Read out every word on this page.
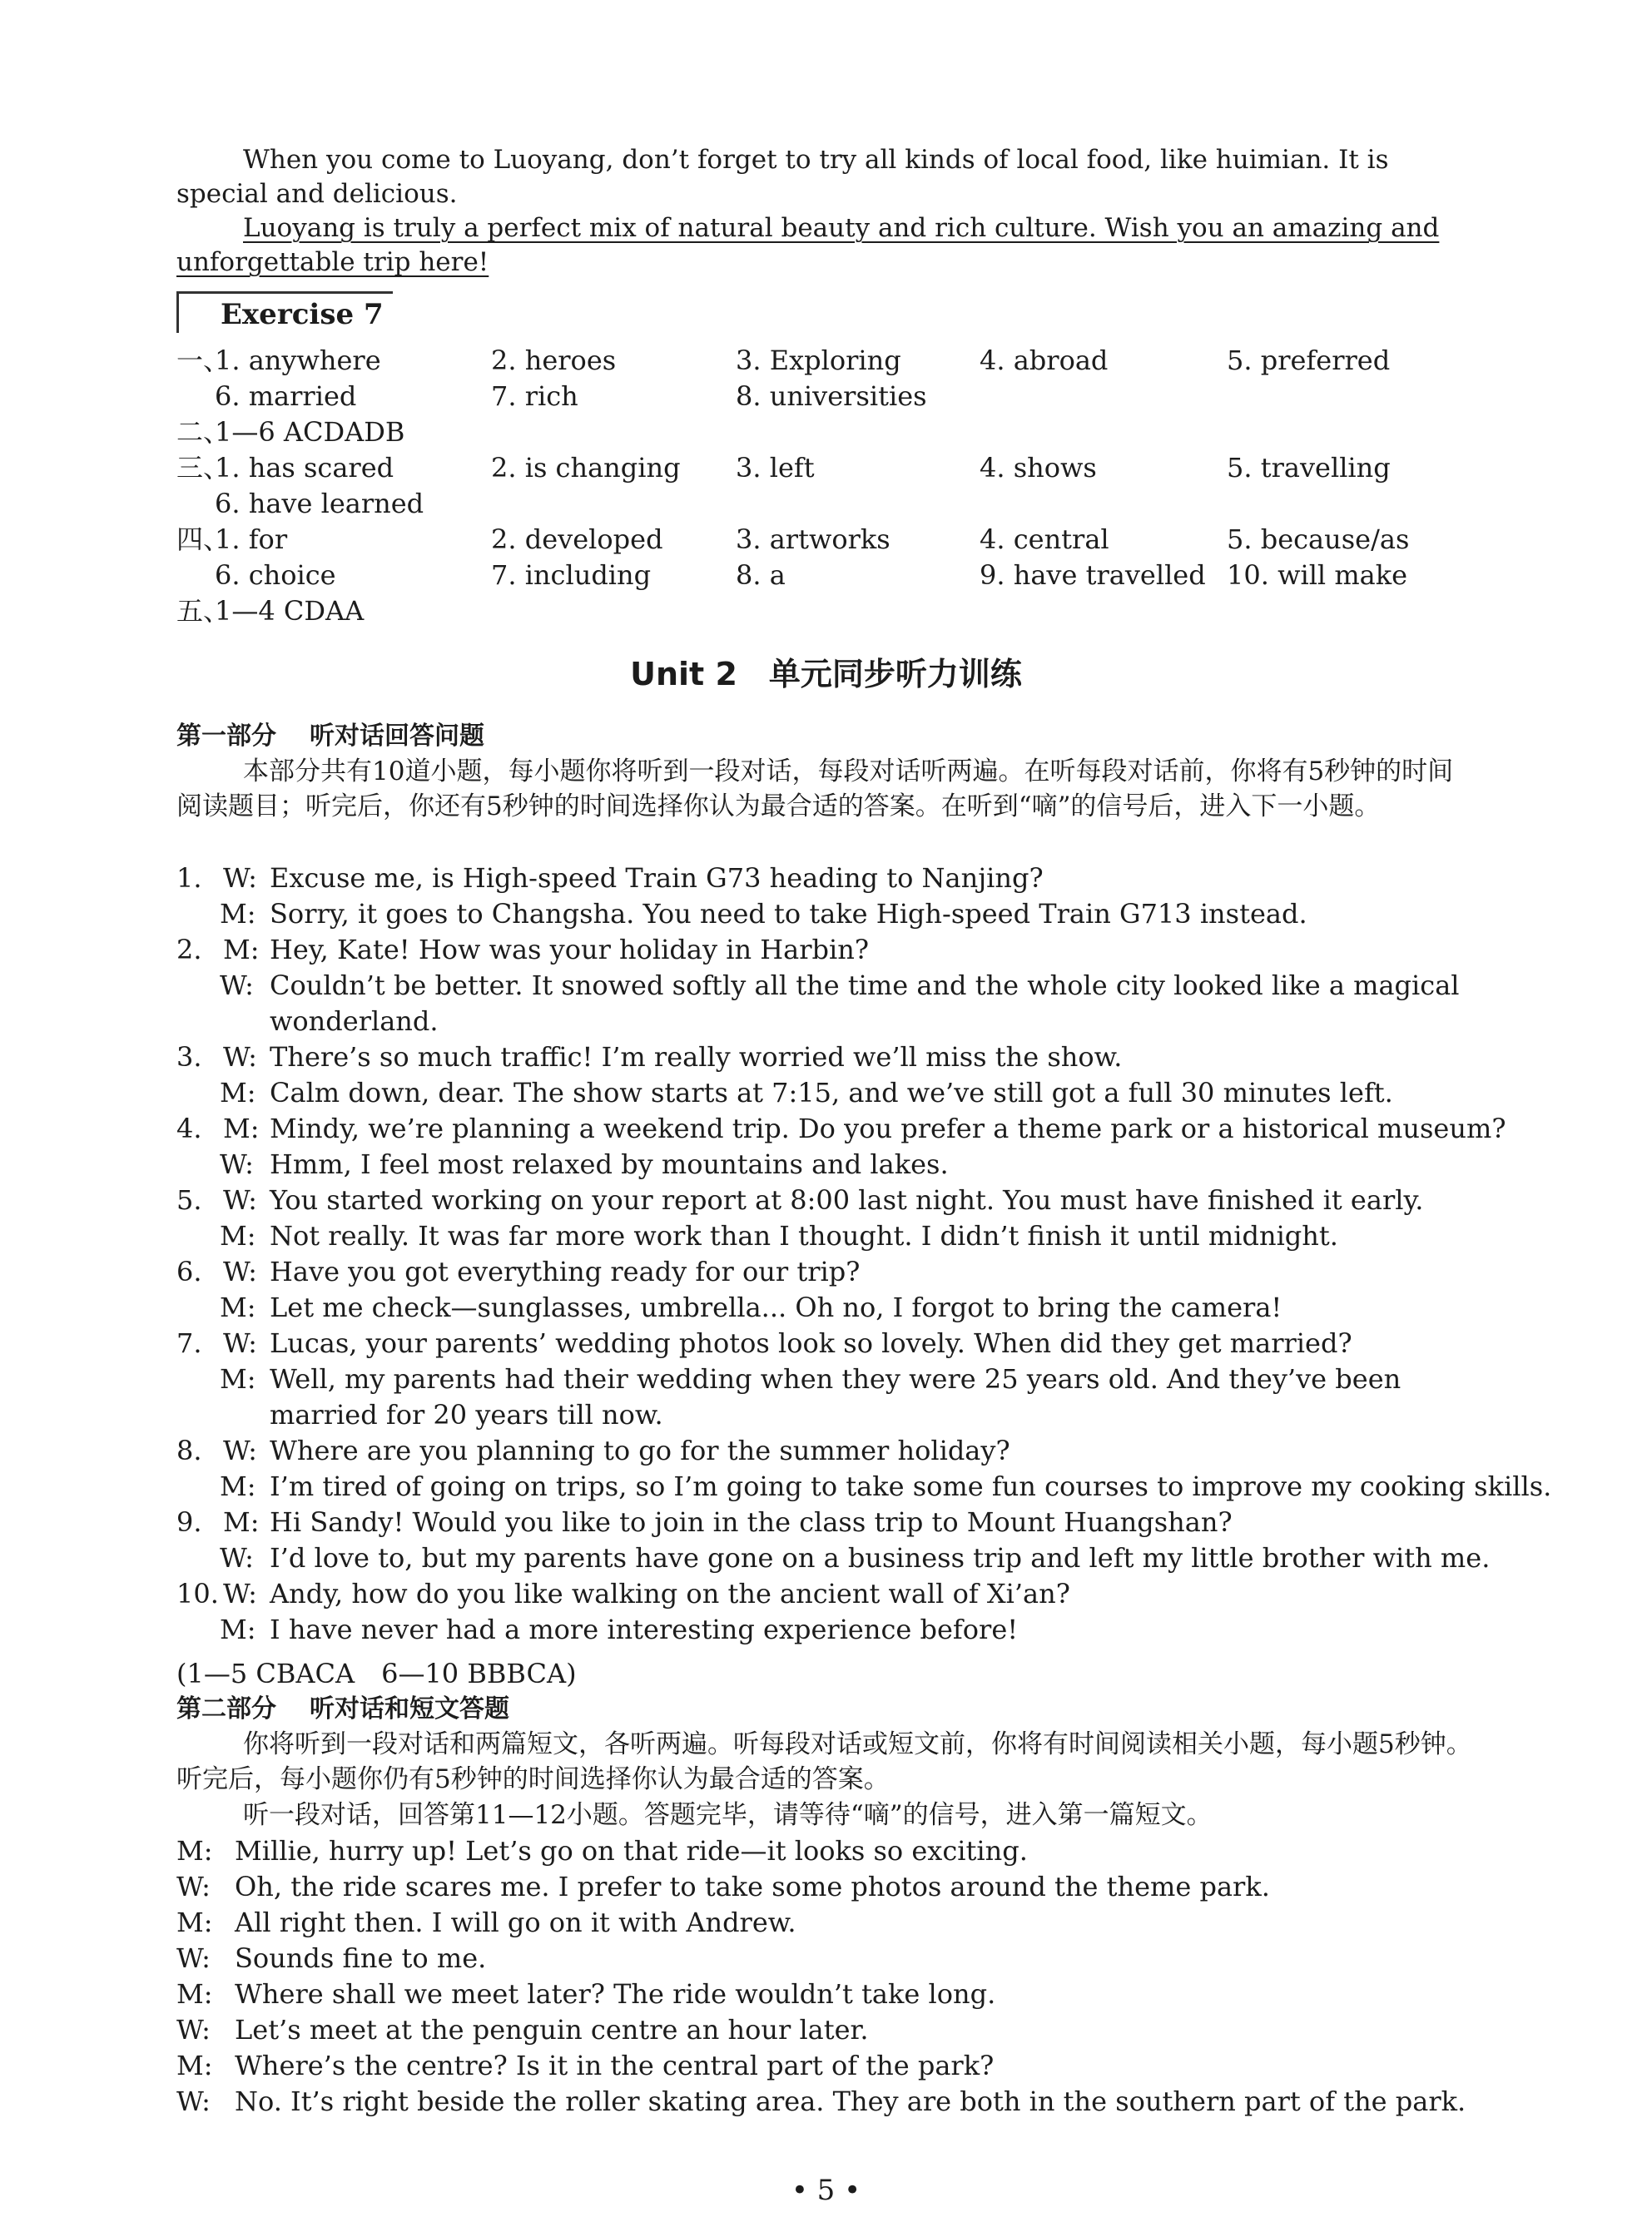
When you come to Luoyang, don’t forget to try all kinds of local food, like huimian. It is special and delicious.
Luoyang is truly a perfect mix of natural beauty and rich culture. Wish you an amazing and unforgettable trip here!
Exercise 7
一、
1. anywhere	2. heroes	3. Exploring	4. abroad	5. preferred
6. married	7. rich	8. universities
二、
1—6 ACDADB
三、
1. has scared	2. is changing 3. left	4. shows	5. travelling
6. have learned
四、
1. for	2. developed	3. artworks	4. central	5. because/as
6. choice	7. including	8. a	9. have travelled 10. will make
五、
1—4 CDAA
Unit 2　单元同步听力训练
第一部分 听对话回答问题
本部分共有10道小题，每小题你将听到一段对话，每段对话听两遍。在听每段对话前，你将有5秒钟的时间阅读题目；听完后，你还有5秒钟的时间选择你认为最合适的答案。在听到“嘀”的信号后，进入下一小题。
1. W: Excuse me, is High-speed Train G73 heading to Nanjing?
M: Sorry, it goes to Changsha. You need to take High-speed Train G713 instead.
2. M: Hey, Kate! How was your holiday in Harbin?
W: Couldn’t be better. It snowed softly all the time and the whole city looked like a magical
wonderland.
3. W: There’s so much traffic! I’m really worried we’ll miss the show.
M: Calm down, dear. The show starts at 7:15, and we’ve still got a full 30 minutes left.
4. M: Mindy, we’re planning a weekend trip. Do you prefer a theme park or a historical museum?
W: Hmm, I feel most relaxed by mountains and lakes.
5. W: You started working on your report at 8:00 last night. You must have finished it early.
M: Not really. It was far more work than I thought. I didn’t finish it until midnight.
6. W: Have you got everything ready for our trip?
M: Let me check—sunglasses, umbrella... Oh no, I forgot to bring the camera!
7. W: Lucas, your parents’ wedding photos look so lovely. When did they get married?
M: Well, my parents had their wedding when they were 25 years old. And they’ve been
married for 20 years till now.
8. W: Where are you planning to go for the summer holiday?
M: I’m tired of going on trips, so I’m going to take some fun courses to improve my cooking skills.
9. M: Hi Sandy! Would you like to join in the class trip to Mount Huangshan?
W: I’d love to, but my parents have gone on a business trip and left my little brother with me.
10. W: Andy, how do you like walking on the ancient wall of Xi’an?
M: I have never had a more interesting experience before!
(1—5 CBACA　6—10 BBBCA)
第二部分 听对话和短文答题
你将听到一段对话和两篇短文，各听两遍。听每段对话或短文前，你将有时间阅读相关小题，每小题5秒钟。听完后，每小题你仍有5秒钟的时间选择你认为最合适的答案。
听一段对话，回答第11—12小题。答题完毕，请等待“嘀”的信号，进入第一篇短文。
M: Millie, hurry up! Let’s go on that ride—it looks so exciting.
W: Oh, the ride scares me. I prefer to take some photos around the theme park.
M: All right then. I will go on it with Andrew.
W: Sounds fine to me.
M: Where shall we meet later? The ride wouldn’t take long.
W: Let’s meet at the penguin centre an hour later.
M: Where’s the centre? Is it in the central part of the park?
W: No. It’s right beside the roller skating area. They are both in the southern part of the park.
• 5 •
